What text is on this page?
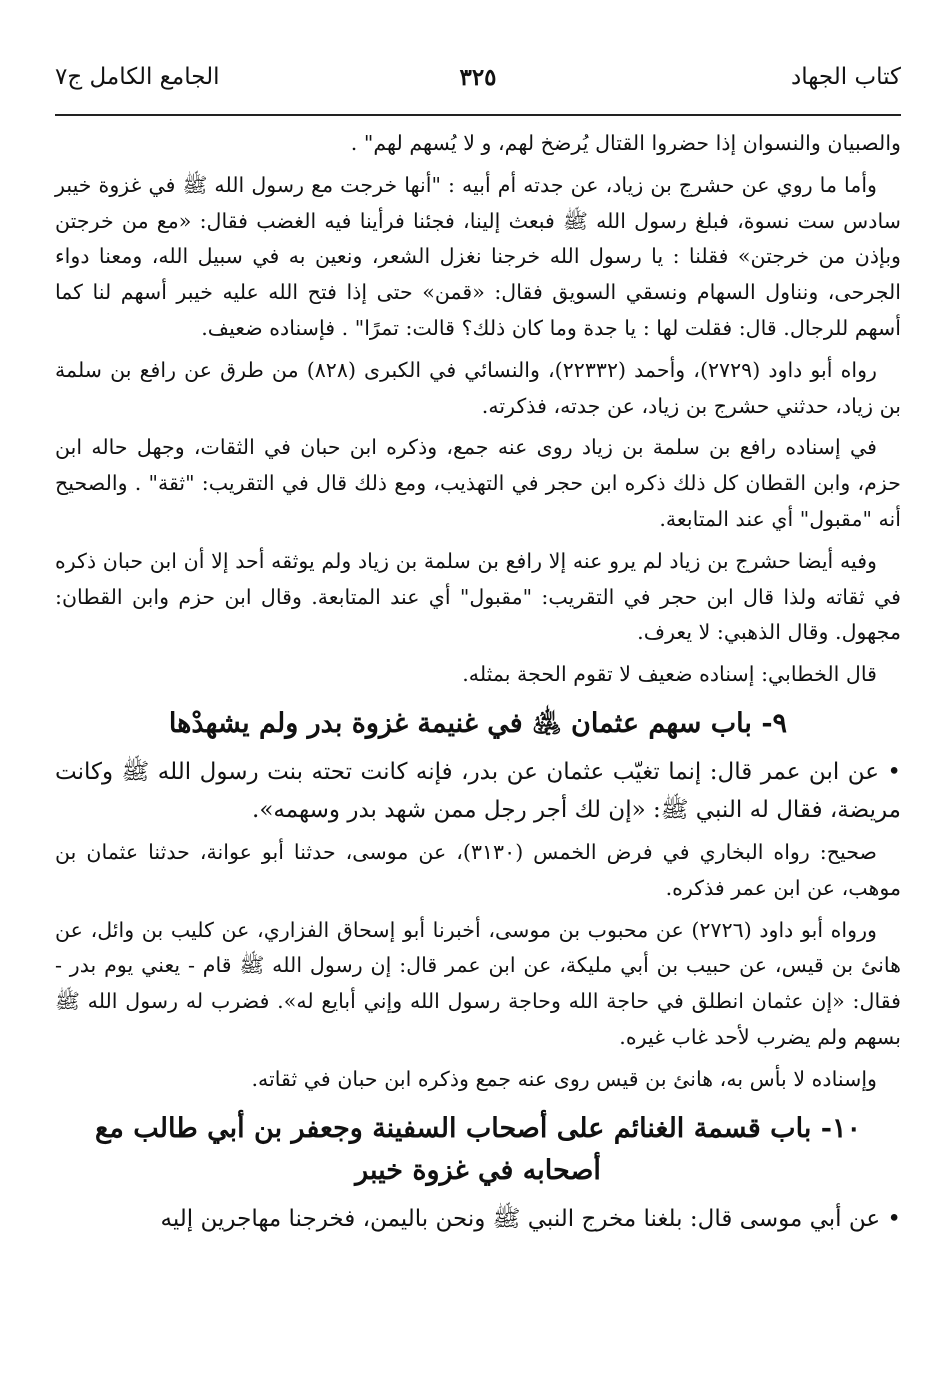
كتاب الجهاد
٣٢٥
الجامع الكامل ج٧

والصبيان والنسوان إذا حضروا القتال يُرضخ لهم، و لا يُسهم لهم" .

وأما ما روي عن حشرج بن زياد، عن جدته أم أبيه : "أنها خرجت مع رسول الله ﷺ في غزوة خيبر سادس ست نسوة، فبلغ رسول الله ﷺ فبعث إلينا، فجئنا فرأينا فيه الغضب فقال: «مع من خرجتن وبإذن من خرجتن» فقلنا : يا رسول الله خرجنا نغزل الشعر، ونعين به في سبيل الله، ومعنا دواء الجرحى، ونناول السهام ونسقي السويق فقال: «قمن» حتى إذا فتح الله عليه خيبر أسهم لنا كما أسهم للرجال. قال: فقلت لها : يا جدة وما كان ذلك؟ قالت: تمرًا" . فإسناده ضعيف.

رواه أبو داود (٢٧٢٩)، وأحمد (٢٢٣٣٢)، والنسائي في الكبرى (٨٢٨) من طرق عن رافع بن سلمة بن زياد، حدثني حشرج بن زياد، عن جدته، فذكرته.

في إسناده رافع بن سلمة بن زياد روى عنه جمع، وذكره ابن حبان في الثقات، وجهل حاله ابن حزم، وابن القطان كل ذلك ذكره ابن حجر في التهذيب، ومع ذلك قال في التقريب: "ثقة" . والصحيح أنه "مقبول" أي عند المتابعة.

وفيه أيضا حشرج بن زياد لم يرو عنه إلا رافع بن سلمة بن زياد ولم يوثقه أحد إلا أن ابن حبان ذكره في ثقاته ولذا قال ابن حجر في التقريب: "مقبول" أي عند المتابعة. وقال ابن حزم وابن القطان: مجهول. وقال الذهبي: لا يعرف.

قال الخطابي: إسناده ضعيف لا تقوم الحجة بمثله.

٩- باب سهم عثمان ﵁ في غنيمة غزوة بدر ولم يشهدْها

• عن ابن عمر قال: إنما تغيّب عثمان عن بدر، فإنه كانت تحته بنت رسول الله ﷺ وكانت مريضة، فقال له النبي ﷺ: «إن لك أجر رجل ممن شهد بدر وسهمه».

صحيح: رواه البخاري في فرض الخمس (٣١٣٠)، عن موسى، حدثنا أبو عوانة، حدثنا عثمان بن موهب، عن ابن عمر فذكره.

ورواه أبو داود (٢٧٢٦) عن محبوب بن موسى، أخبرنا أبو إسحاق الفزاري، عن كليب بن وائل، عن هانئ بن قيس، عن حبيب بن أبي مليكة، عن ابن عمر قال: إن رسول الله ﷺ قام - يعني يوم بدر - فقال: «إن عثمان انطلق في حاجة الله وحاجة رسول الله وإني أبايع له». فضرب له رسول الله ﷺ بسهم ولم يضرب لأحد غاب غيره.

وإسناده لا بأس به، هانئ بن قيس روى عنه جمع وذكره ابن حبان في ثقاته.

١٠- باب قسمة الغنائم على أصحاب السفينة وجعفر بن أبي طالب مع
أصحابه في غزوة خيبر

• عن أبي موسى قال: بلغنا مخرج النبي ﷺ ونحن باليمن، فخرجنا مهاجرين إليه
